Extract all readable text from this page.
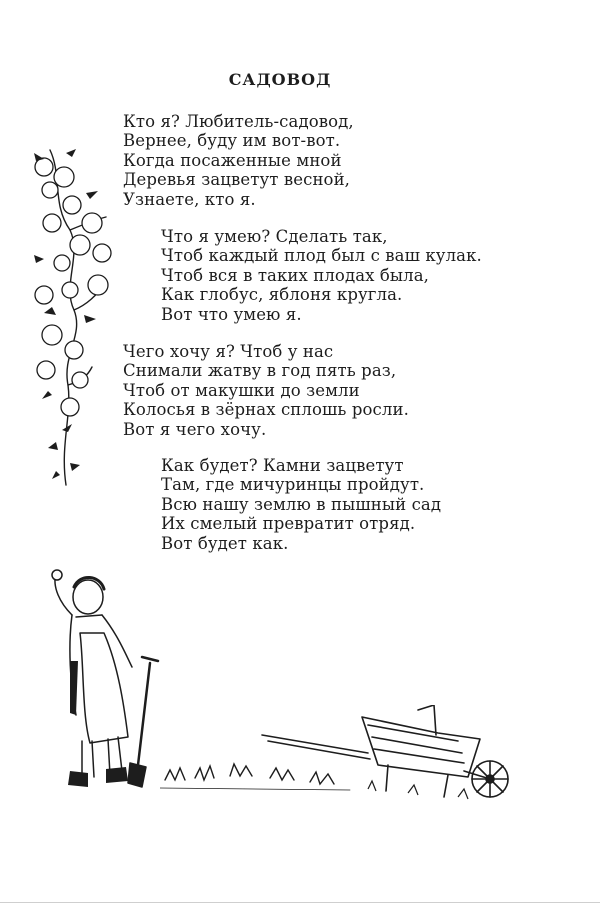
САДОВОД
Кто я? Любитель-садовод,
Вернее, буду им вот-вот.
Когда посаженные мной
Деревья зацветут весной,
Узнаете, кто я.
Что я умею? Сделать так,
Чтоб каждый плод был с ваш кулак.
Чтоб вся в таких плодах была,
Как глобус, яблоня кругла.
Вот что умею я.
Чего хочу я? Чтоб у нас
Снимали жатву в год пять раз,
Чтоб от макушки до земли
Колосья в зёрнах сплошь росли.
Вот я чего хочу.
Как будет? Камни зацветут
Там, где мичуринцы пройдут.
Всю нашу землю в пышный сад
Их смелый превратит отряд.
Вот будет как.
